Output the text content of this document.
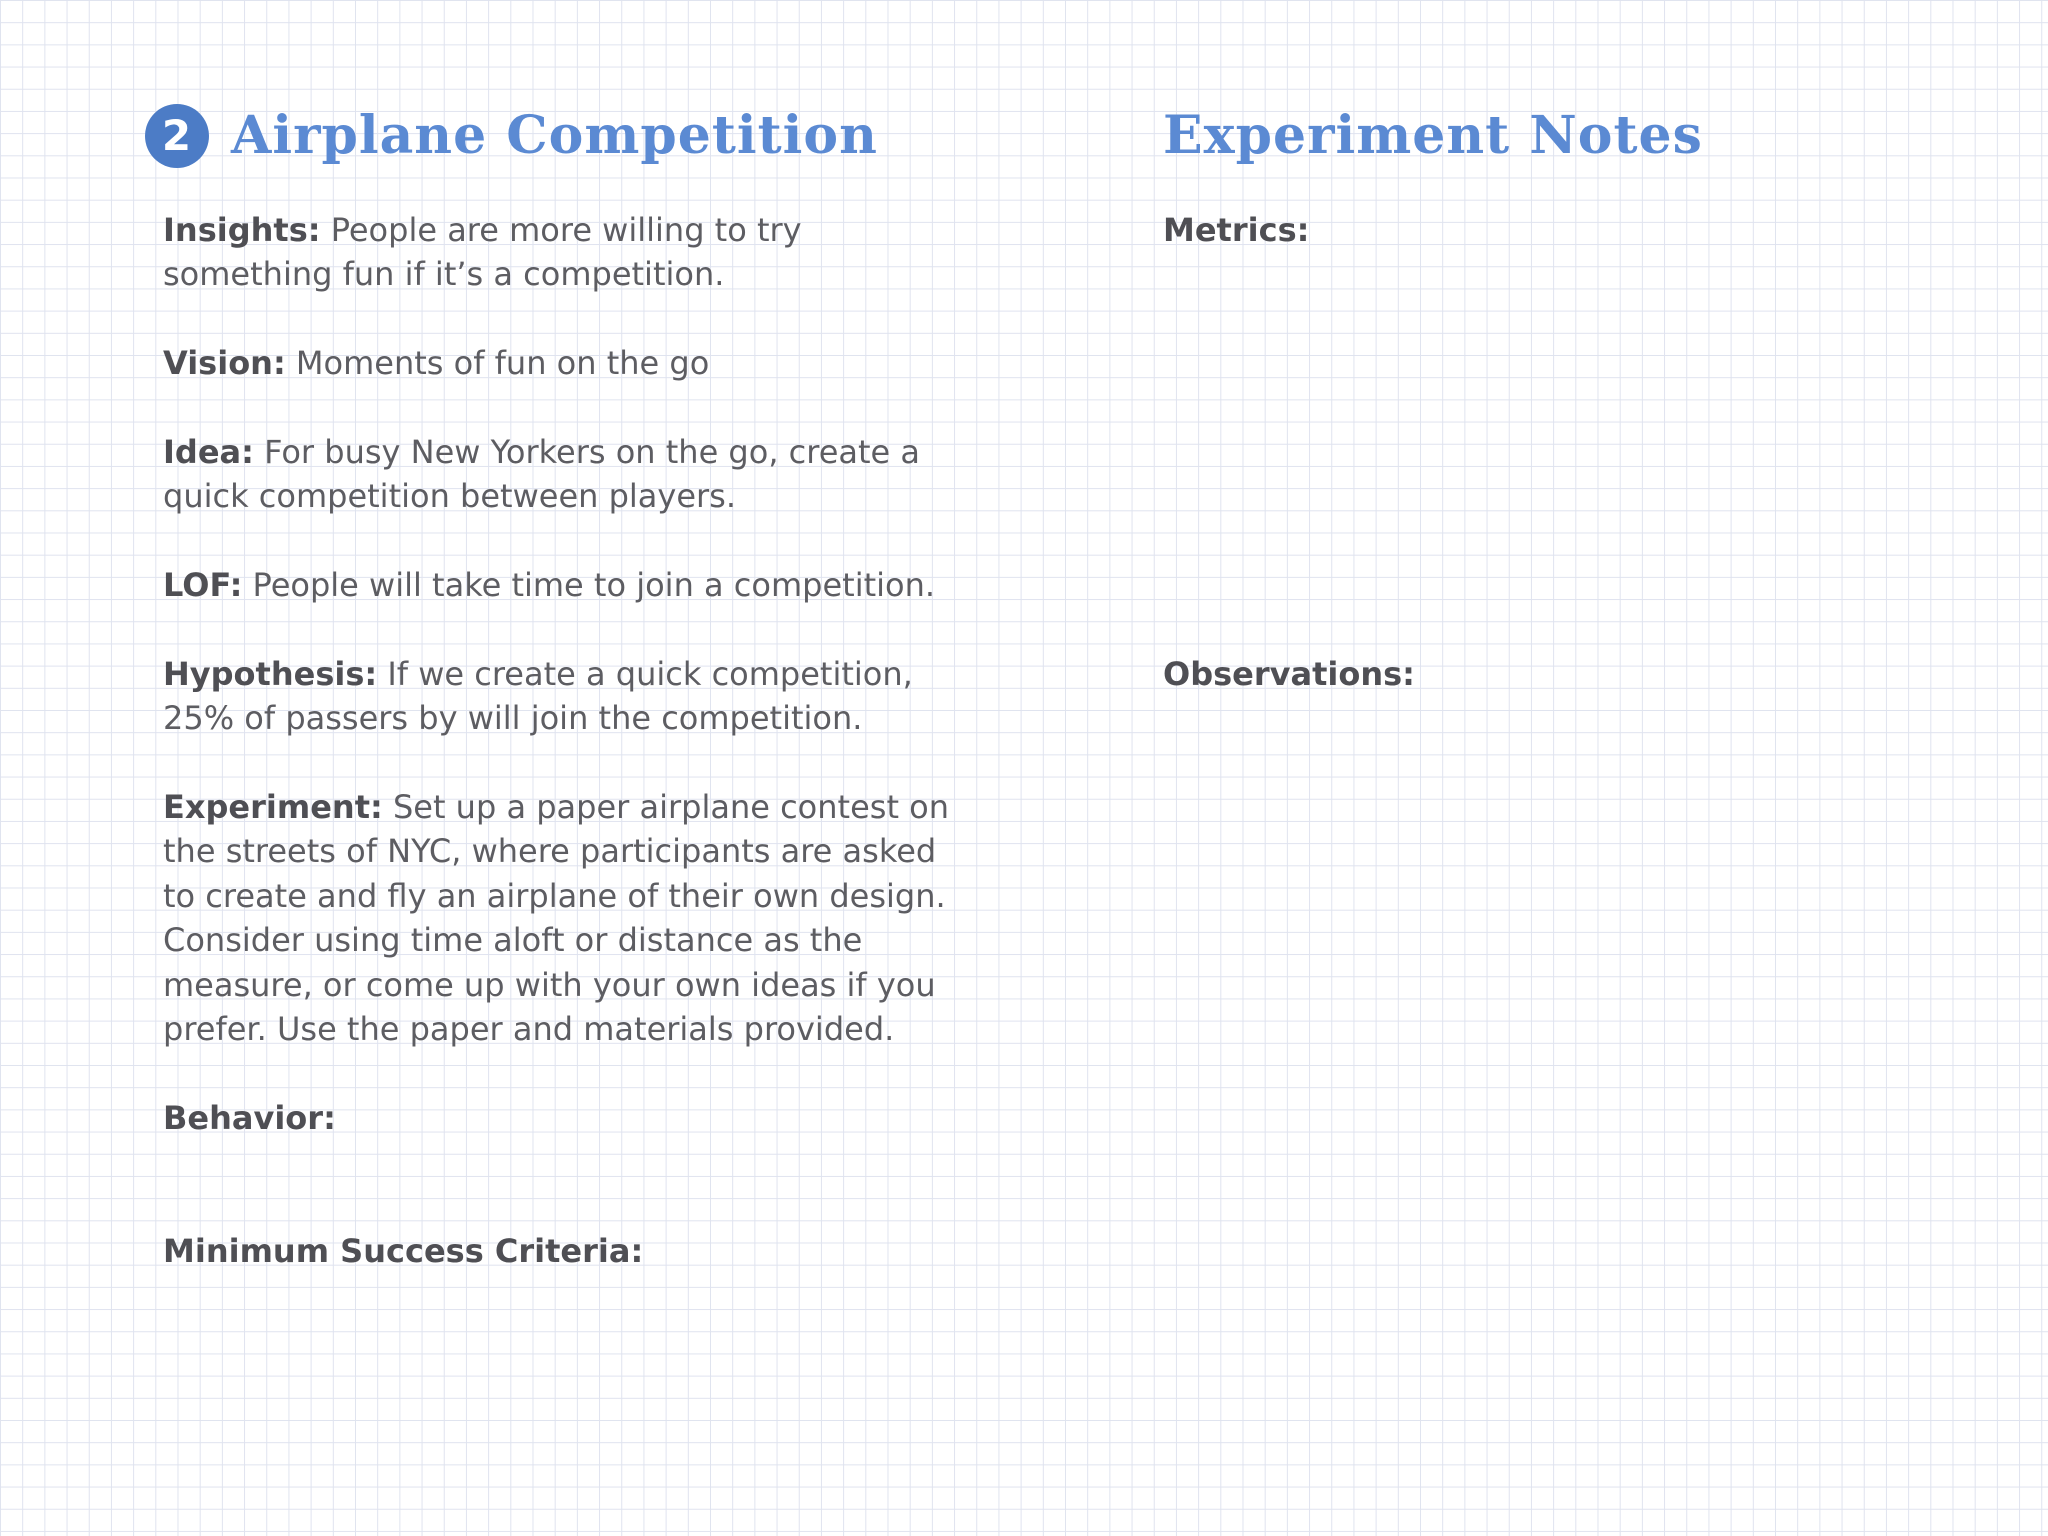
2 Airplane Competition	Experiment Notes

Insights: People are more willing to try
something fun if it’s a competition.

Vision: Moments of fun on the go

Idea: For busy New Yorkers on the go, create a
quick competition between players.

LOF: People will take time to join a competition.

Hypothesis: If we create a quick competition,
25% of passers by will join the competition.

Experiment: Set up a paper airplane contest on
the streets of NYC, where participants are asked
to create and fly an airplane of their own design.
Consider using time aloft or distance as the
measure, or come up with your own ideas if you
prefer. Use the paper and materials provided.

Behavior:

Minimum Success Criteria:

Metrics:

Observations:
